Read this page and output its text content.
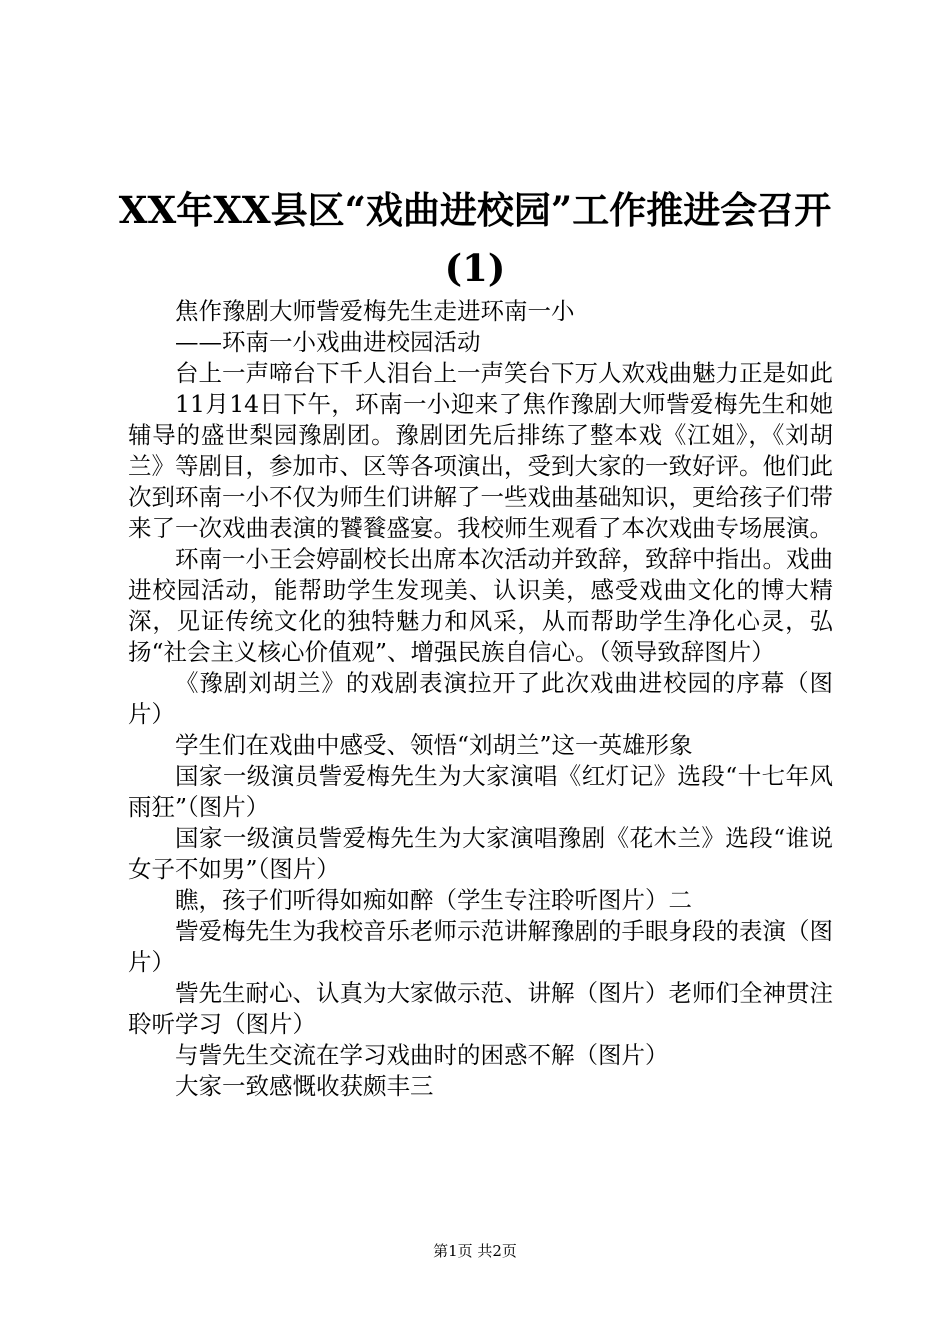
XX年XX县区“戏曲进校园”工作推进会召开
(1)

焦作豫剧大师訾爱梅先生走进环南一小

——环南一小戏曲进校园活动

台上一声啼台下千人泪台上一声笑台下万人欢戏曲魅力正是如此

11月14日下午，环南一小迎来了焦作豫剧大师訾爱梅先生和她辅导的盛世梨园豫剧团。豫剧团先后排练了整本戏《江姐》，《刘胡兰》等剧目，参加市、区等各项演出，受到大家的一致好评。他们此次到环南一小不仅为师生们讲解了一些戏曲基础知识，更给孩子们带来了一次戏曲表演的饕餮盛宴。我校师生观看了本次戏曲专场展演。

环南一小王会婷副校长出席本次活动并致辞，致辞中指出。戏曲进校园活动，能帮助学生发现美、认识美，感受戏曲文化的博大精深，见证传统文化的独特魅力和风采，从而帮助学生净化心灵，弘扬“社会主义核心价值观”、增强民族自信心。（领导致辞图片）

《豫剧刘胡兰》的戏剧表演拉开了此次戏曲进校园的序幕（图片）

学生们在戏曲中感受、领悟“刘胡兰”这一英雄形象

国家一级演员訾爱梅先生为大家演唱《红灯记》选段“十七年风雨狂”（图片）

国家一级演员訾爱梅先生为大家演唱豫剧《花木兰》选段“谁说女子不如男”（图片）

瞧，孩子们听得如痴如醉（学生专注聆听图片）二

訾爱梅先生为我校音乐老师示范讲解豫剧的手眼身段的表演（图片）

訾先生耐心、认真为大家做示范、讲解（图片）老师们全神贯注聆听学习（图片）

与訾先生交流在学习戏曲时的困惑不解（图片）

大家一致感慨收获颇丰三

第1页 共2页
